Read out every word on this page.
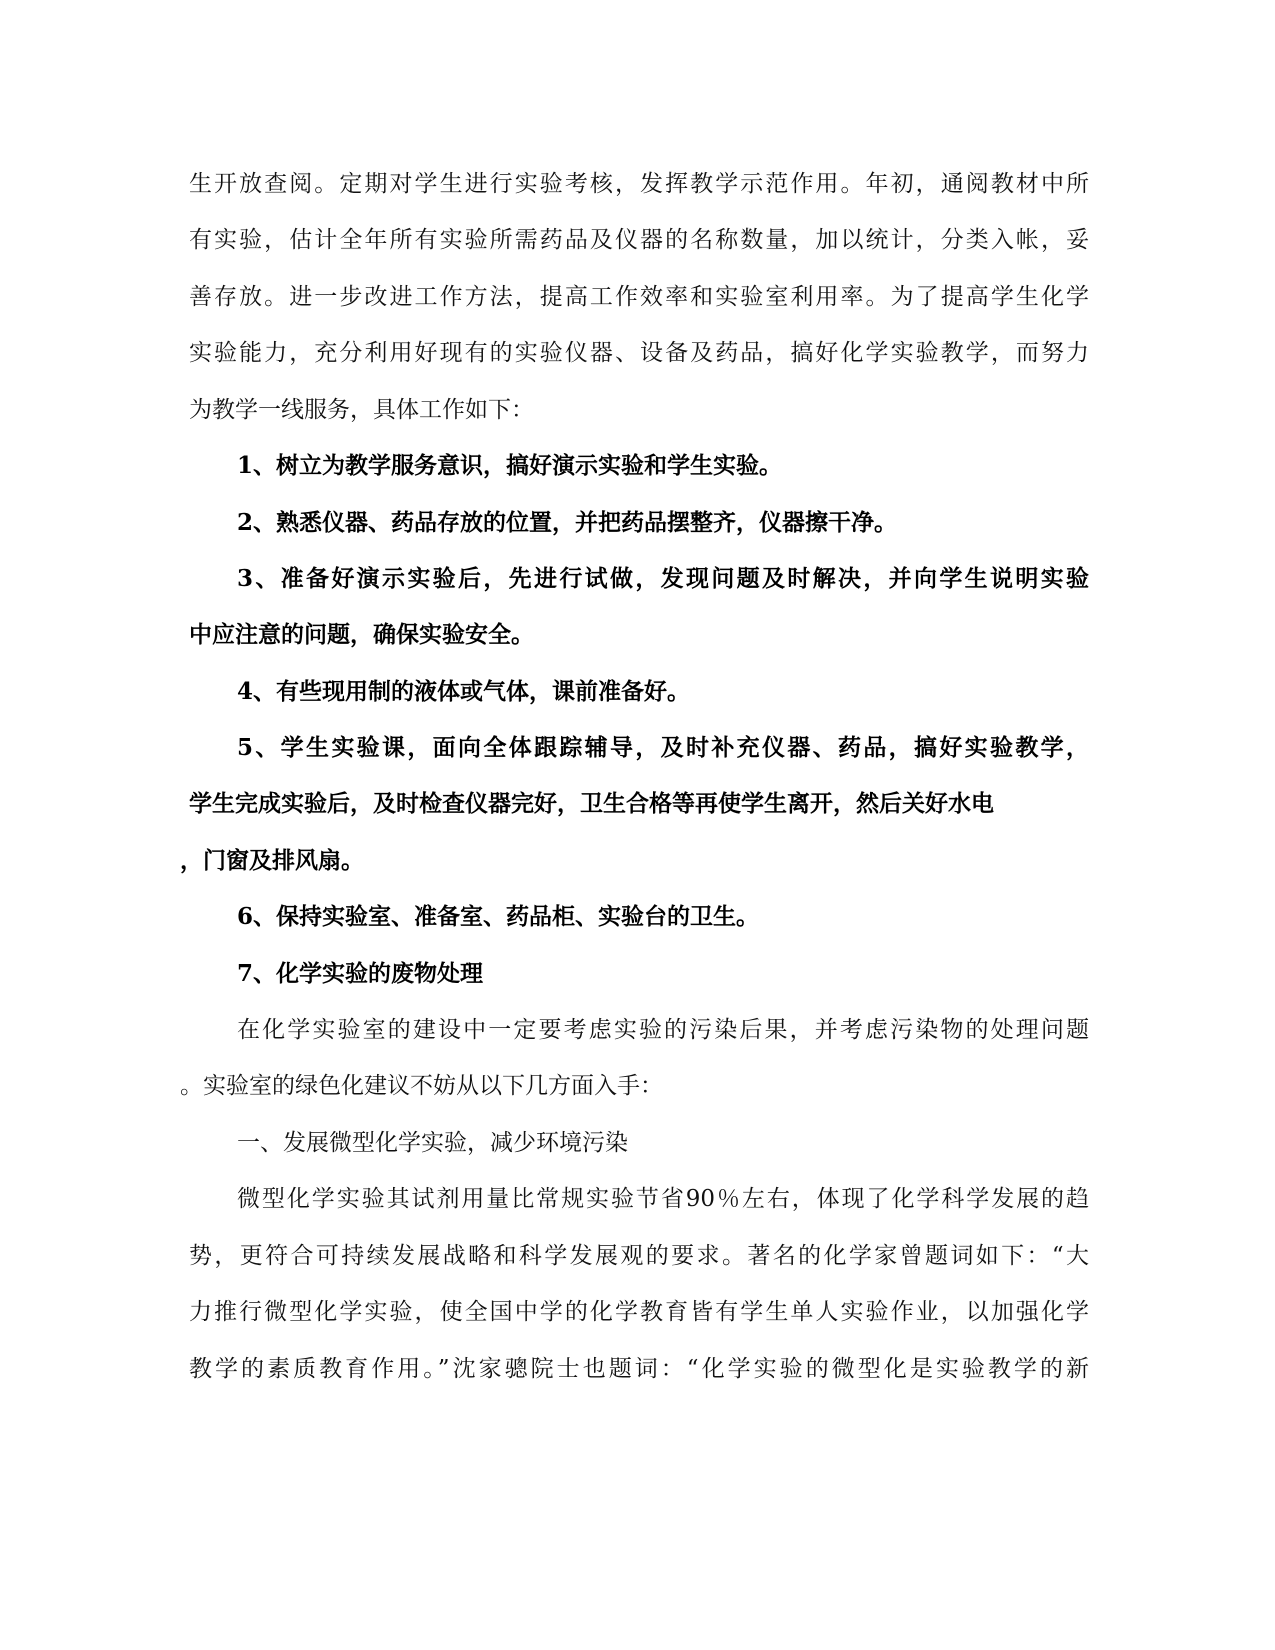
生开放查阅。定期对学生进行实验考核，发挥教学示范作用。年初，通阅教材中所
有实验，估计全年所有实验所需药品及仪器的名称数量，加以统计，分类入帐，妥
善存放。进一步改进工作方法，提高工作效率和实验室利用率。为了提高学生化学
实验能力，充分利用好现有的实验仪器、设备及药品，搞好化学实验教学，而努力
为教学一线服务，具体工作如下：
1、树立为教学服务意识，搞好演示实验和学生实验。
2、熟悉仪器、药品存放的位置，并把药品摆整齐，仪器擦干净。
3、准备好演示实验后，先进行试做，发现问题及时解决，并向学生说明实验
中应注意的问题，确保实验安全。
4、有些现用制的液体或气体，课前准备好。
5、学生实验课，面向全体跟踪辅导，及时补充仪器、药品，搞好实验教学，
学生完成实验后，及时检查仪器完好，卫生合格等再使学生离开，然后关好水电
，门窗及排风扇。
6、保持实验室、准备室、药品柜、实验台的卫生。
7、化学实验的废物处理
在化学实验室的建设中一定要考虑实验的污染后果，并考虑污染物的处理问题
。实验室的绿色化建议不妨从以下几方面入手：
一、发展微型化学实验，减少环境污染
微型化学实验其试剂用量比常规实验节省90％左右，体现了化学科学发展的趋
势，更符合可持续发展战略和科学发展观的要求。著名的化学家曾题词如下：“大
力推行微型化学实验，使全国中学的化学教育皆有学生单人实验作业，以加强化学
教学的素质教育作用。”沈家骢院士也题词：“化学实验的微型化是实验教学的新
